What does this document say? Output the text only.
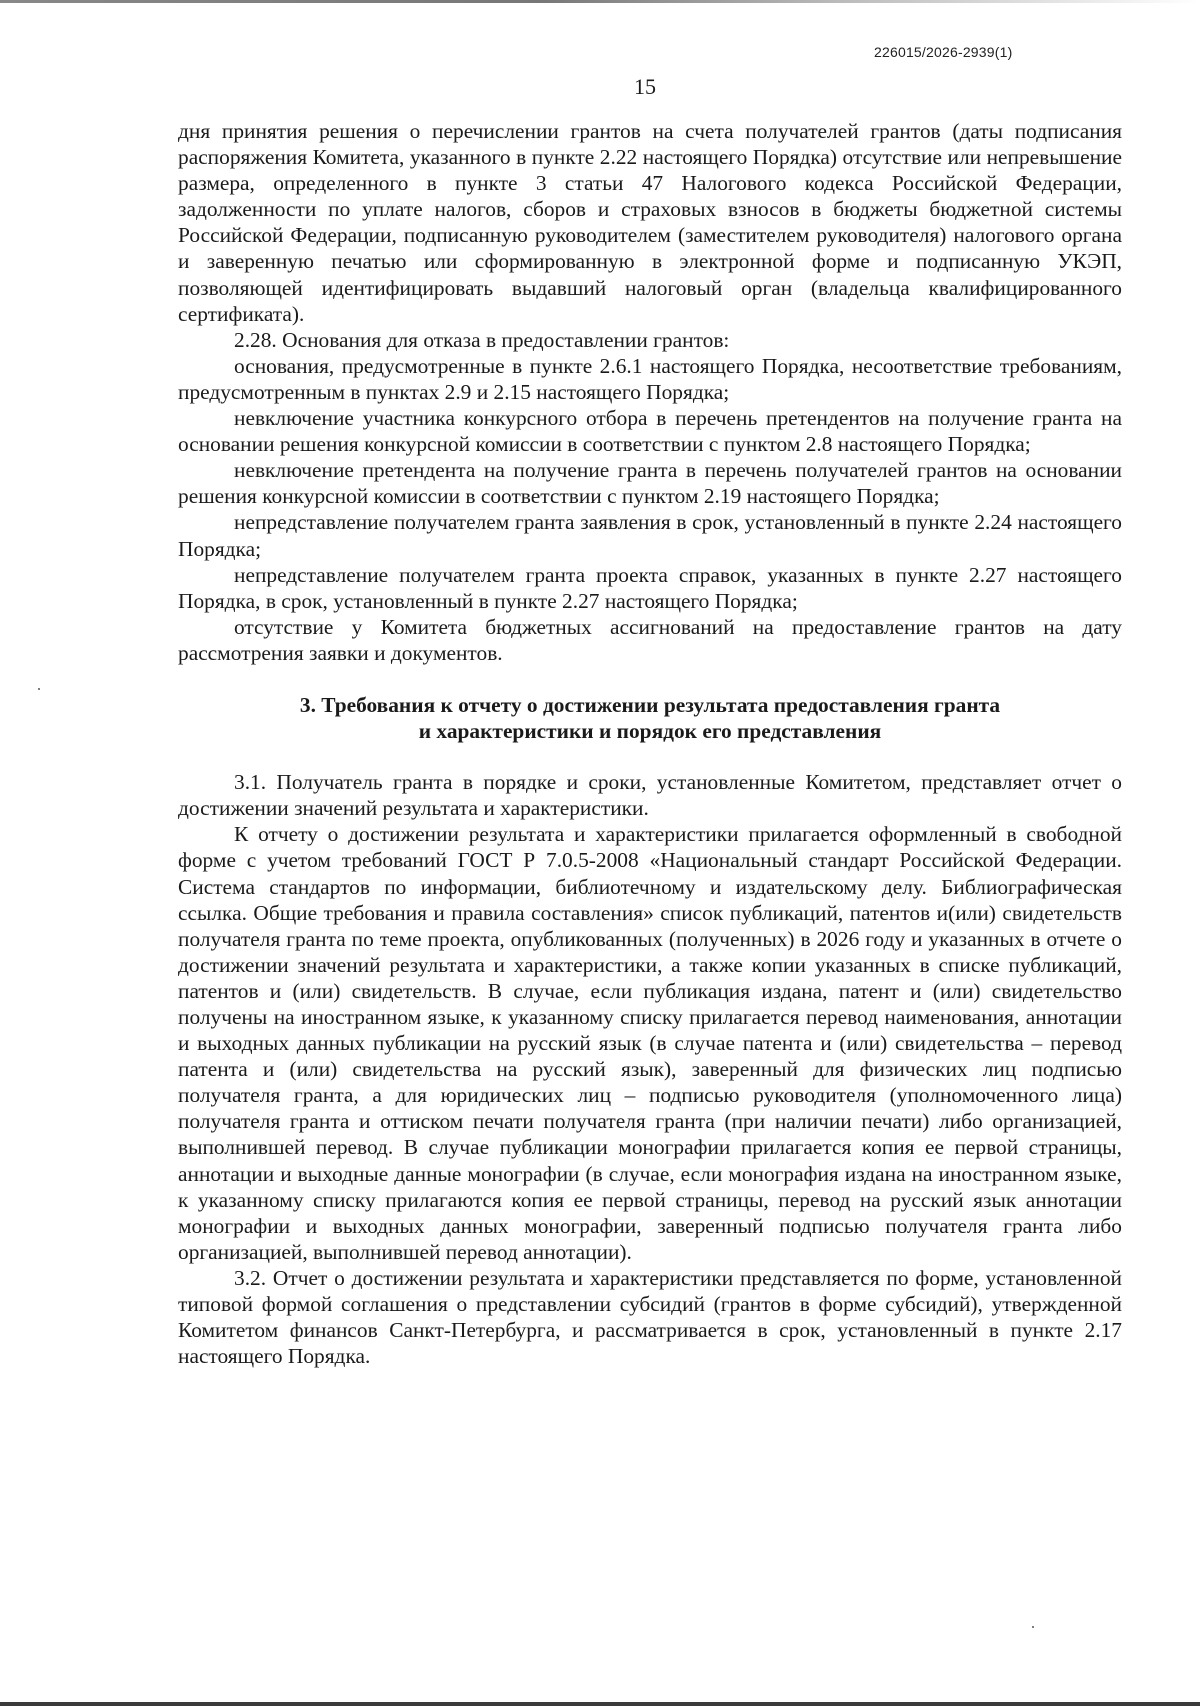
226015/2026-2939(1)
15

дня принятия решения о перечислении грантов на счета получателей грантов (даты подписания распоряжения Комитета, указанного в пункте 2.22 настоящего Порядка) отсутствие или непревышение размера, определенного в пункте 3 статьи 47 Налогового кодекса Российской Федерации, задолженности по уплате налогов, сборов и страховых взносов в бюджеты бюджетной системы Российской Федерации, подписанную руководителем (заместителем руководителя) налогового органа и заверенную печатью или сформированную в электронной форме и подписанную УКЭП, позволяющей идентифицировать выдавший налоговый орган (владельца квалифицированного сертификата).

2.28. Основания для отказа в предоставлении грантов:

основания, предусмотренные в пункте 2.6.1 настоящего Порядка, несоответствие требованиям, предусмотренным в пунктах 2.9 и 2.15 настоящего Порядка;

невключение участника конкурсного отбора в перечень претендентов на получение гранта на основании решения конкурсной комиссии в соответствии с пунктом 2.8 настоящего Порядка;

невключение претендента на получение гранта в перечень получателей грантов на основании решения конкурсной комиссии в соответствии с пунктом 2.19 настоящего Порядка;

непредставление получателем гранта заявления в срок, установленный в пункте 2.24 настоящего Порядка;

непредставление получателем гранта проекта справок, указанных в пункте 2.27 настоящего Порядка, в срок, установленный в пункте 2.27 настоящего Порядка;

отсутствие у Комитета бюджетных ассигнований на предоставление грантов на дату рассмотрения заявки и документов.

3. Требования к отчету о достижении результата предоставления гранта
и характеристики и порядок его представления

3.1. Получатель гранта в порядке и сроки, установленные Комитетом, представляет отчет о достижении значений результата и характеристики.

К отчету о достижении результата и характеристики прилагается оформленный в свободной форме с учетом требований ГОСТ Р 7.0.5-2008 «Национальный стандарт Российской Федерации. Система стандартов по информации, библиотечному и издательскому делу. Библиографическая ссылка. Общие требования и правила составления» список публикаций, патентов и(или) свидетельств получателя гранта по теме проекта, опубликованных (полученных) в 2026 году и указанных в отчете о достижении значений результата и характеристики, а также копии указанных в списке публикаций, патентов и (или) свидетельств. В случае, если публикация издана, патент и (или) свидетельство получены на иностранном языке, к указанному списку прилагается перевод наименования, аннотации и выходных данных публикации на русский язык (в случае патента и (или) свидетельства – перевод патента и (или) свидетельства на русский язык), заверенный для физических лиц подписью получателя гранта, а для юридических лиц – подписью руководителя (уполномоченного лица) получателя гранта и оттиском печати получателя гранта (при наличии печати) либо организацией, выполнившей перевод. В случае публикации монографии прилагается копия ее первой страницы, аннотации и выходные данные монографии (в случае, если монография издана на иностранном языке, к указанному списку прилагаются копия ее первой страницы, перевод на русский язык аннотации монографии и выходных данных монографии, заверенный подписью получателя гранта либо организацией, выполнившей перевод аннотации).

3.2. Отчет о достижении результата и характеристики представляется по форме, установленной типовой формой соглашения о представлении субсидий (грантов в форме субсидий), утвержденной Комитетом финансов Санкт-Петербурга, и рассматривается в срок, установленный в пункте 2.17 настоящего Порядка.
